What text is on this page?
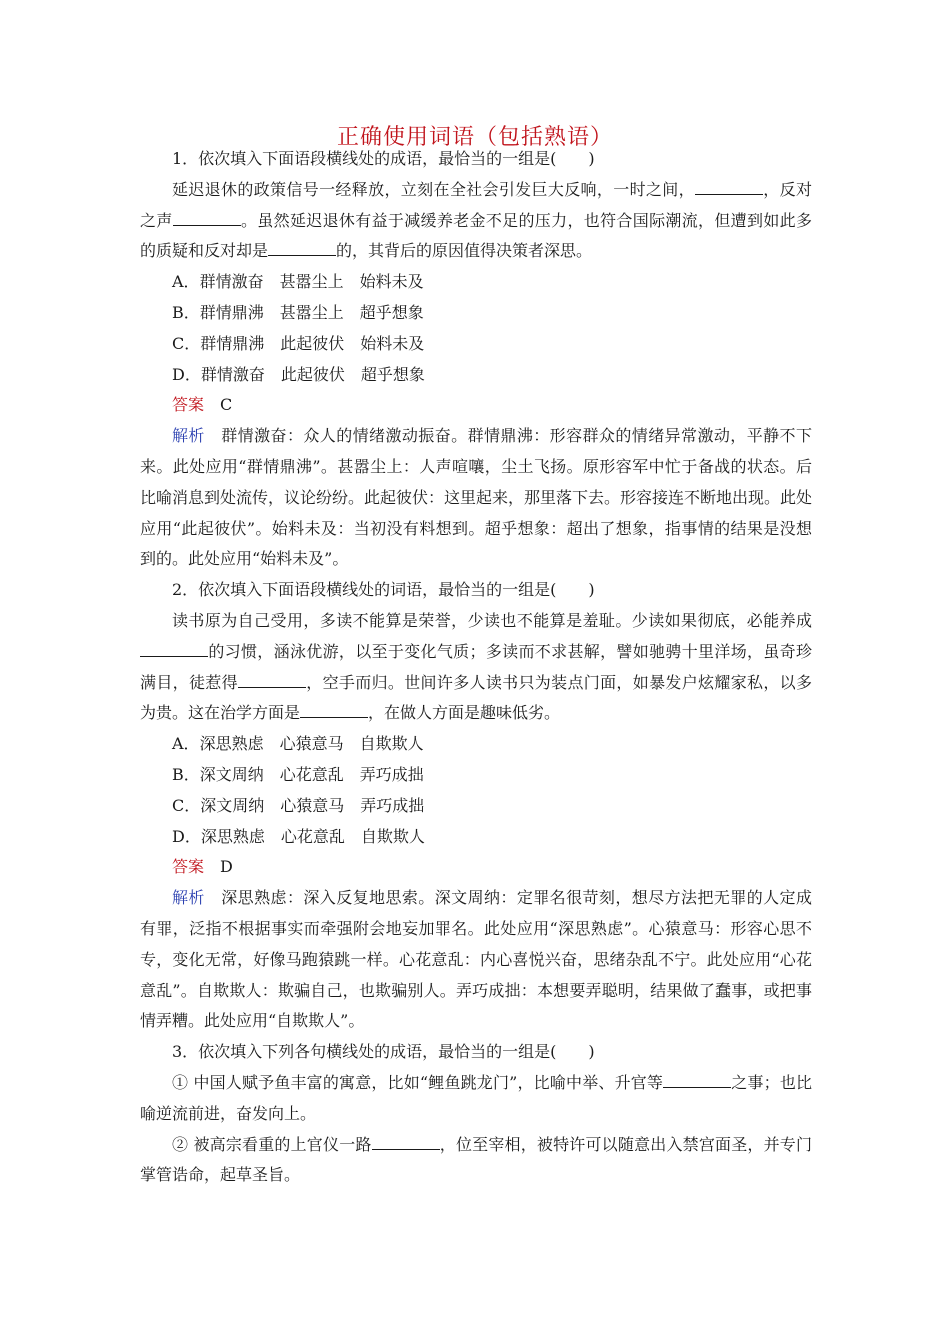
正确使用词语（包括熟语）

1．依次填入下面语段横线处的成语，最恰当的一组是(　　)

延迟退休的政策信号一经释放，立刻在全社会引发巨大反响，一时之间，	，反对之声	。虽然延迟退休有益于减缓养老金不足的压力，也符合国际潮流，但遭到如此多的质疑和反对却是	的，其背后的原因值得决策者深思。

A．群情激奋 甚嚣尘上 始料未及

B．群情鼎沸 甚嚣尘上 超乎想象

C．群情鼎沸 此起彼伏 始料未及

D．群情激奋 此起彼伏 超乎想象

答案 C

解析 群情激奋：众人的情绪激动振奋。群情鼎沸：形容群众的情绪异常激动，平静不下来。此处应用“群情鼎沸”。甚嚣尘上：人声喧嚷，尘土飞扬。原形容军中忙于备战的状态。后比喻消息到处流传，议论纷纷。此起彼伏：这里起来，那里落下去。形容接连不断地出现。此处应用“此起彼伏”。始料未及：当初没有料想到。超乎想象：超出了想象，指事情的结果是没想到的。此处应用“始料未及”。

2．依次填入下面语段横线处的词语，最恰当的一组是(　　)

读书原为自己受用，多读不能算是荣誉，少读也不能算是羞耻。少读如果彻底，必能养成的习惯，涵泳优游，以至于变化气质；多读而不求甚解，譬如驰骋十里洋场，虽奇珍满目，徒惹得	，空手而归。世间许多人读书只为装点门面，如暴发户炫耀家私，以多为贵。这在治学方面是	，在做人方面是趣味低劣。

A．深思熟虑 心猿意马 自欺欺人

B．深文周纳 心花意乱 弄巧成拙

C．深文周纳 心猿意马 弄巧成拙

D．深思熟虑 心花意乱 自欺欺人

答案 D

解析 深思熟虑：深入反复地思索。深文周纳：定罪名很苛刻，想尽方法把无罪的人定成有罪，泛指不根据事实而牵强附会地妄加罪名。此处应用“深思熟虑”。心猿意马：形容心思不专，变化无常，好像马跑猿跳一样。心花意乱：内心喜悦兴奋，思绪杂乱不宁。此处应用“心花意乱”。自欺欺人：欺骗自己，也欺骗别人。弄巧成拙：本想要弄聪明，结果做了蠢事，或把事情弄糟。此处应用“自欺欺人”。

3．依次填入下列各句横线处的成语，最恰当的一组是(　　)

① 中国人赋予鱼丰富的寓意，比如“鲤鱼跳龙门”，比喻中举、升官等	之事；也比喻逆流前进，奋发向上。

② 被高宗看重的上官仪一路	，位至宰相，被特许可以随意出入禁宫面圣，并专门掌管诰命，起草圣旨。
